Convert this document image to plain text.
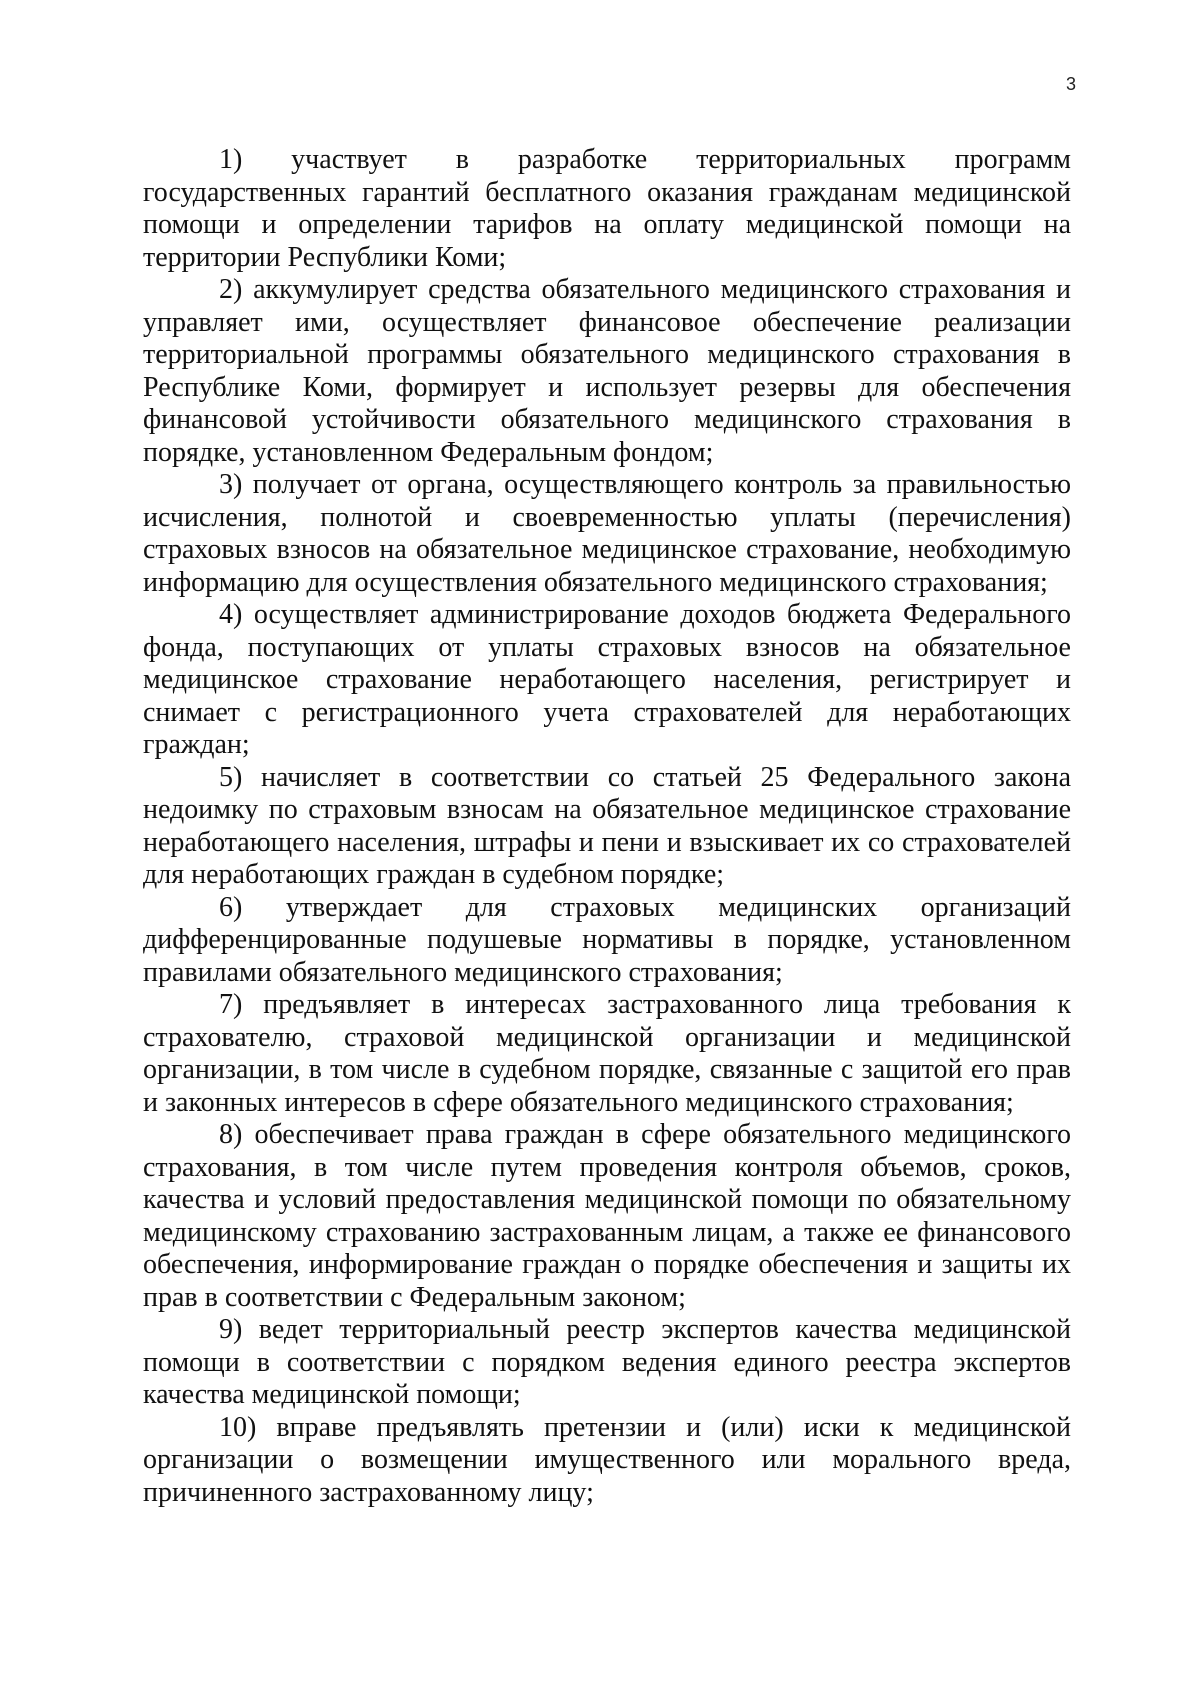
3

1) участвует в разработке территориальных программ государственных гарантий бесплатного оказания гражданам медицинской помощи и определении тарифов на оплату медицинской помощи на территории Республики Коми;

2) аккумулирует средства обязательного медицинского страхования и управляет ими, осуществляет финансовое обеспечение реализации территориальной программы обязательного медицинского страхования в Республике Коми, формирует и использует резервы для обеспечения финансовой устойчивости обязательного медицинского страхования в порядке, установленном Федеральным фондом;

3) получает от органа, осуществляющего контроль за правильностью исчисления, полнотой и своевременностью уплаты (перечисления) страховых взносов на обязательное медицинское страхование, необходимую информацию для осуществления обязательного медицинского страхования;

4) осуществляет администрирование доходов бюджета Федерального фонда, поступающих от уплаты страховых взносов на обязательное медицинское страхование неработающего населения, регистрирует и снимает с регистрационного учета страхователей для неработающих граждан;

5) начисляет в соответствии со статьей 25 Федерального закона недоимку по страховым взносам на обязательное медицинское страхование неработающего населения, штрафы и пени и взыскивает их со страхователей для неработающих граждан в судебном порядке;

6) утверждает для страховых медицинских организаций дифференцированные подушевые нормативы в порядке, установленном правилами обязательного медицинского страхования;

7) предъявляет в интересах застрахованного лица требования к страхователю, страховой медицинской организации и медицинской организации, в том числе в судебном порядке, связанные с защитой его прав и законных интересов в сфере обязательного медицинского страхования;

8) обеспечивает права граждан в сфере обязательного медицинского страхования, в том числе путем проведения контроля объемов, сроков, качества и условий предоставления медицинской помощи по обязательному медицинскому страхованию застрахованным лицам, а также ее финансового обеспечения, информирование граждан о порядке обеспечения и защиты их прав в соответствии с Федеральным законом;

9) ведет территориальный реестр экспертов качества медицинской помощи в соответствии с порядком ведения единого реестра экспертов качества медицинской помощи;

10) вправе предъявлять претензии и (или) иски к медицинской организации о возмещении имущественного или морального вреда, причиненного застрахованному лицу;
